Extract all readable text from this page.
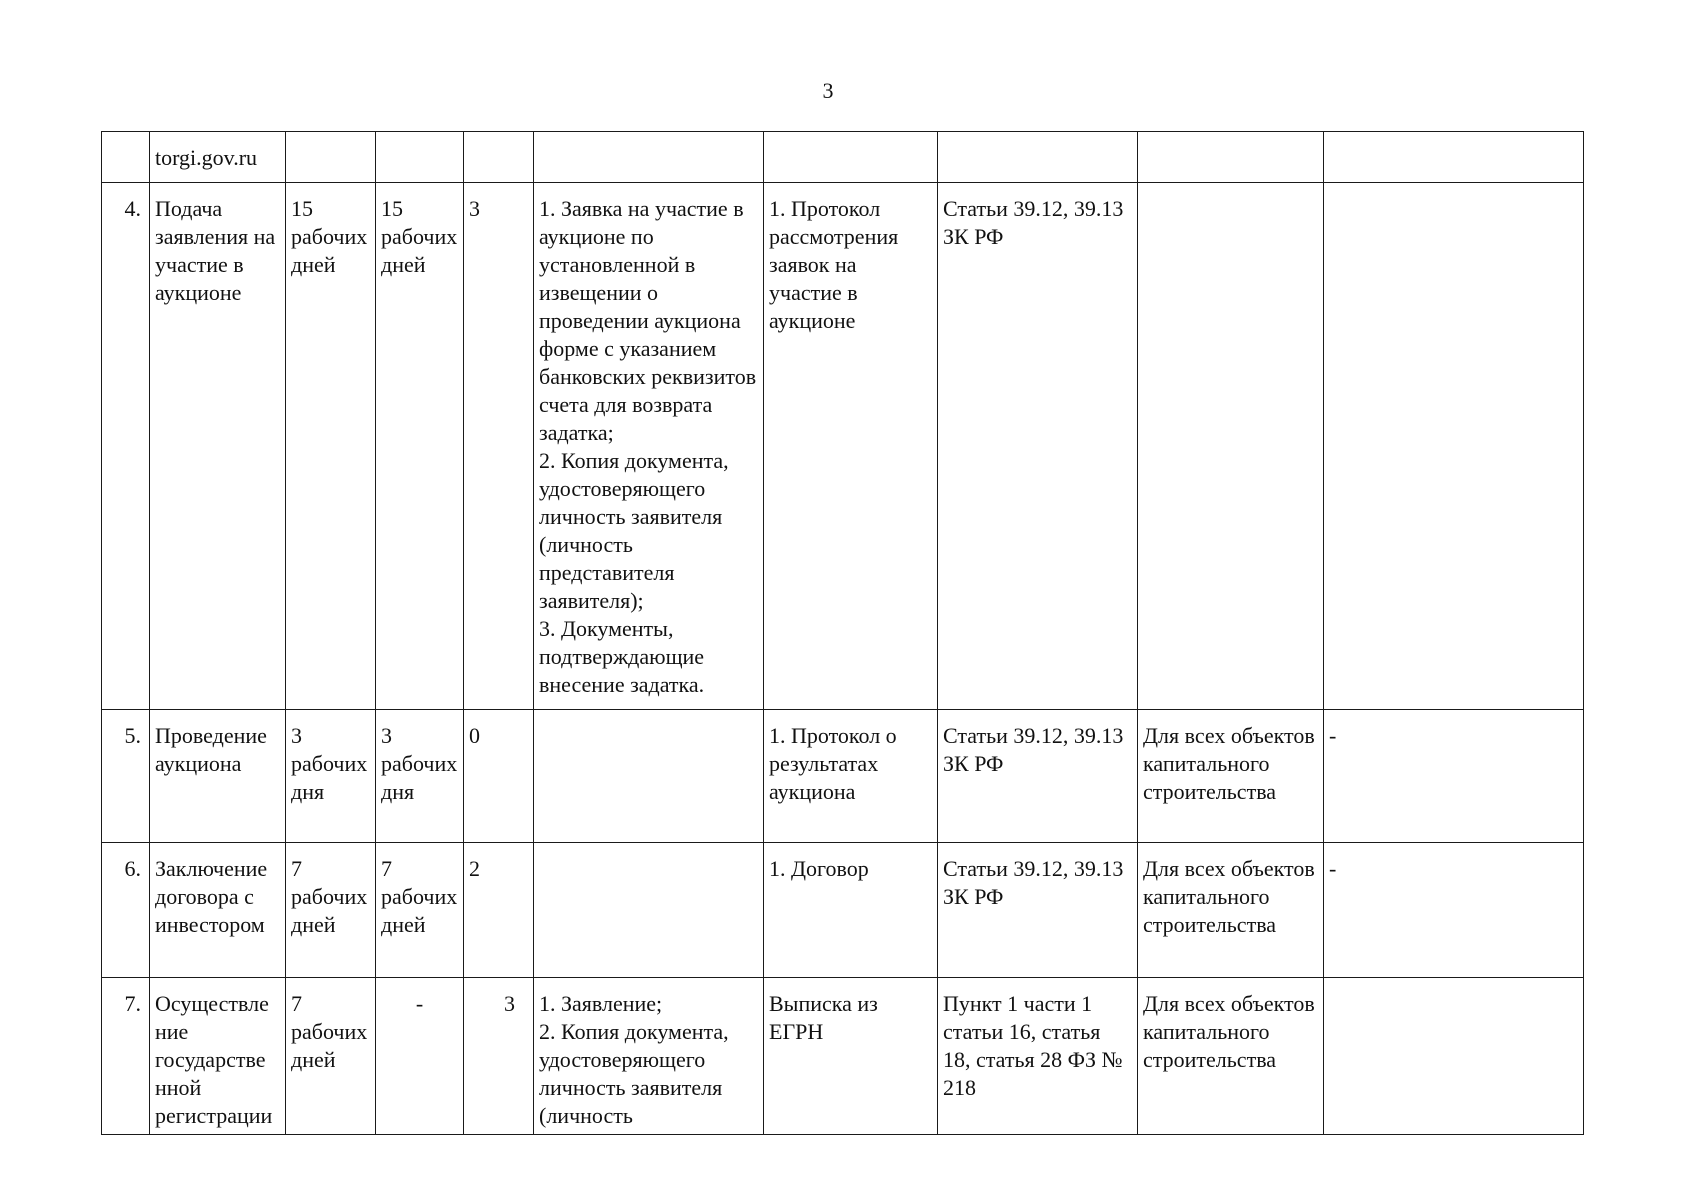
3
	torgi.gov.ru								
4.	Подача заявления на участие в аукционе	15 рабочих дней	15 рабочих дней	3	1. Заявка на участие в аукционе по установленной в извещении о проведении аукциона форме с указанием банковских реквизитов счета для возврата задатка;
2. Копия документа, удостоверяющего личность заявителя (личность представителя заявителя);
3. Документы, подтверждающие внесение задатка.	1. Протокол рассмотрения заявок на участие в аукционе	Статьи 39.12, 39.13 ЗК РФ		

5.	Проведение аукциона	3 рабочих дня	3 рабочих дня	0		1. Протокол о результатах аукциона	Статьи 39.12, 39.13 ЗК РФ	Для всех объектов капитального строительства	-
6.	Заключение договора с инвестором	7 рабочих дней	7 рабочих дней	2		1. Договор	Статьи 39.12, 39.13 ЗК РФ	Для всех объектов капитального строительства	-
7.	Осуществле ние государстве нной регистрации	7 рабочих дней	-	3	1. Заявление;
2. Копия документа, удостоверяющего личность заявителя (личность	Выписка из ЕГРН	Пункт 1 части 1 статьи 16, статья 18, статья 28 ФЗ № 218	Для всех объектов капитального строительства	
